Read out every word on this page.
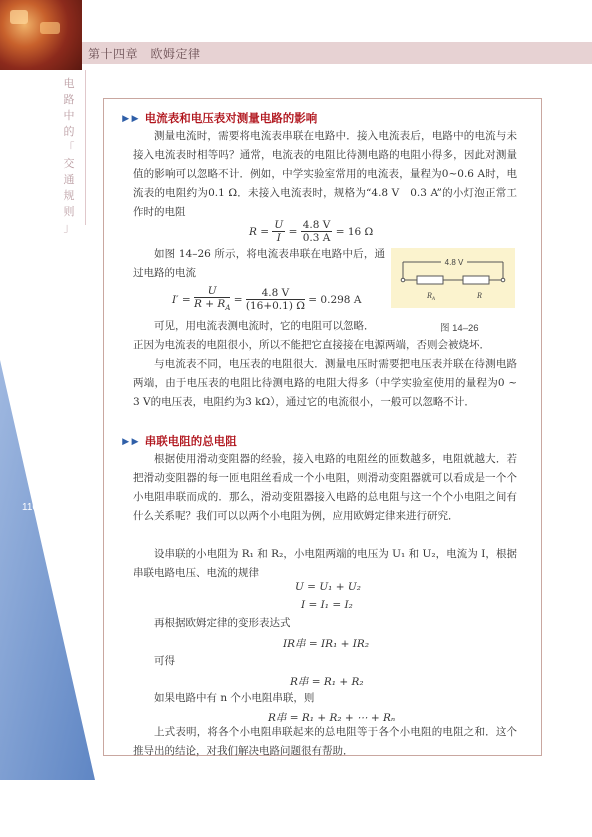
第十四章　欧姆定律
电
路
中
的
「
交
通
规
则
」
110
►► 电流表和电压表对测量电路的影响
测量电流时，需要将电流表串联在电路中．接入电流表后，电路中的电流与未接入电流表时相等吗？通常，电流表的电阻比待测电路的电阻小得多，因此对测量值的影响可以忽略不计．例如，中学实验室常用的电流表，量程为0~0.6 A时，电流表的电阻约为0.1 Ω．未接入电流表时，规格为“4.8 V　0.3 A”的小灯泡正常工作时的电阻
$R = \frac{U}{I} = \frac{4.8 V}{0.3 A} = 16$ Ω
如图 14–26 所示，将电流表串联在电路中后，通过电路的电流
$I' = \frac{U}{R + R_A} = \frac{4.8 V}{(16+0.1) \Omega} = 0.298$ A
4.8 V
$R_A$	R
图 14–26
可见，用电流表测电流时，它的电阻可以忽略．
正因为电流表的电阻很小，所以不能把它直接接在电源两端，否则会被烧坏．
与电流表不同，电压表的电阻很大．测量电压时需要把电压表并联在待测电路两端，由于电压表的电阻比待测电路的电阻大得多（中学实验室使用的量程为0 ~ 3 V的电压表，电阻约为3 kΩ），通过它的电流很小，一般可以忽略不计．
►► 串联电阻的总电阻
根据使用滑动变阻器的经验，接入电路的电阻丝的匝数越多，电阻就越大．若把滑动变阻器的每一匝电阻丝看成一个小电阻，则滑动变阻器就可以看成是一个个小电阻串联而成的．那么，滑动变阻器接入电路的总电阻与这一个个小电阻之间有什么关系呢？我们可以以两个小电阻为例，应用欧姆定律来进行研究．
设串联的小电阻为 R₁ 和 R₂，小电阻两端的电压为 U₁ 和 U₂，电流为 I，根据串联电路电压、电流的规律
U = U₁ + U₂
I = I₁ = I₂
再根据欧姆定律的变形表达式
IR串 = IR₁ + IR₂
可得
R串 = R₁ + R₂
如果电路中有 n 个小电阻串联，则
R串 = R₁ + R₂ + ⋯ + Rₙ
上式表明，将各个小电阻串联起来的总电阻等于各个小电阻的电阻之和．这个推导出的结论，对我们解决电路问题很有帮助．
